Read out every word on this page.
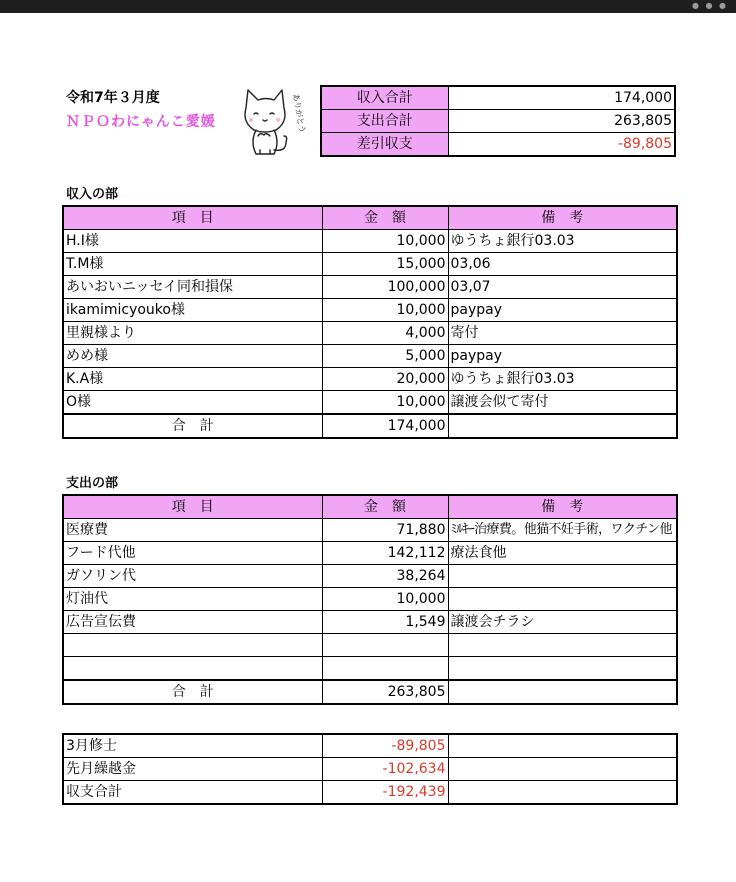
● ● ●
令和7年３月度
ＮＰＯわにゃんこ愛媛	ありがとう	収入合計	174,000
支出合計	263,805
差引収支	-89,805
収入の部
項　目	金　額	備　考
H.I様	10,000	ゆうちょ銀行03.03
T.M様	15,000	03,06
あいおいニッセイ同和損保	100,000	03,07
ikamimicyouko様	10,000	paypay
里親様より	4,000	寄付
めめ様	5,000	paypay
K.A様	20,000	ゆうちょ銀行03.03
O様	10,000	譲渡会似て寄付
合　計	174,000	
支出の部
項　目	金　額	備　考
医療費	71,880	ﾐﾙｷｰ治療費。他猫不妊手術，ワクチン他
フード代他	142,112	療法食他
ガソリン代	38,264	
灯油代	10,000	
広告宣伝費	1,549	譲渡会チラシ

合　計	263,805	
3月修士	-89,805	
先月繰越金	-102,634	
収支合計	-192,439	
